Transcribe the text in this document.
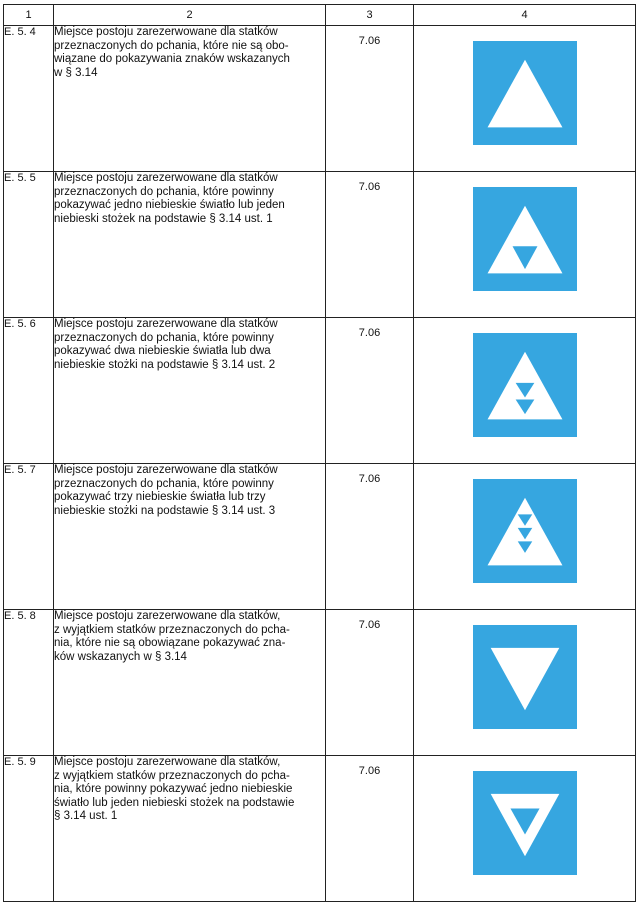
1	2	3	4
E. 5. 4	Miejsce postoju zarezerwowane dla statków

przeznaczonych do pchania, które nie są obo-

wiązane do pokazywania znaków wskazanych

w § 3.14	7.06	

E. 5. 5	Miejsce postoju zarezerwowane dla statków

przeznaczonych do pchania, które powinny

pokazywać jedno niebieskie światło lub jeden

niebieski stożek na podstawie § 3.14 ust. 1	7.06	

E. 5. 6	Miejsce postoju zarezerwowane dla statków

przeznaczonych do pchania, które powinny

pokazywać dwa niebieskie światła lub dwa

niebieskie stożki na podstawie § 3.14 ust. 2	7.06	

E. 5. 7	Miejsce postoju zarezerwowane dla statków

przeznaczonych do pchania, które powinny

pokazywać trzy niebieskie światła lub trzy

niebieskie stożki na podstawie § 3.14 ust. 3	7.06	

E. 5. 8	Miejsce postoju zarezerwowane dla statków,

z wyjątkiem statków przeznaczonych do pcha-

nia, które nie są obowiązane pokazywać zna-

ków wskazanych w § 3.14	7.06	

E. 5. 9	Miejsce postoju zarezerwowane dla statków,

z wyjątkiem statków przeznaczonych do pcha-

nia, które powinny pokazywać jedno niebieskie

światło lub jeden niebieski stożek na podstawie

§ 3.14 ust. 1	7.06	
